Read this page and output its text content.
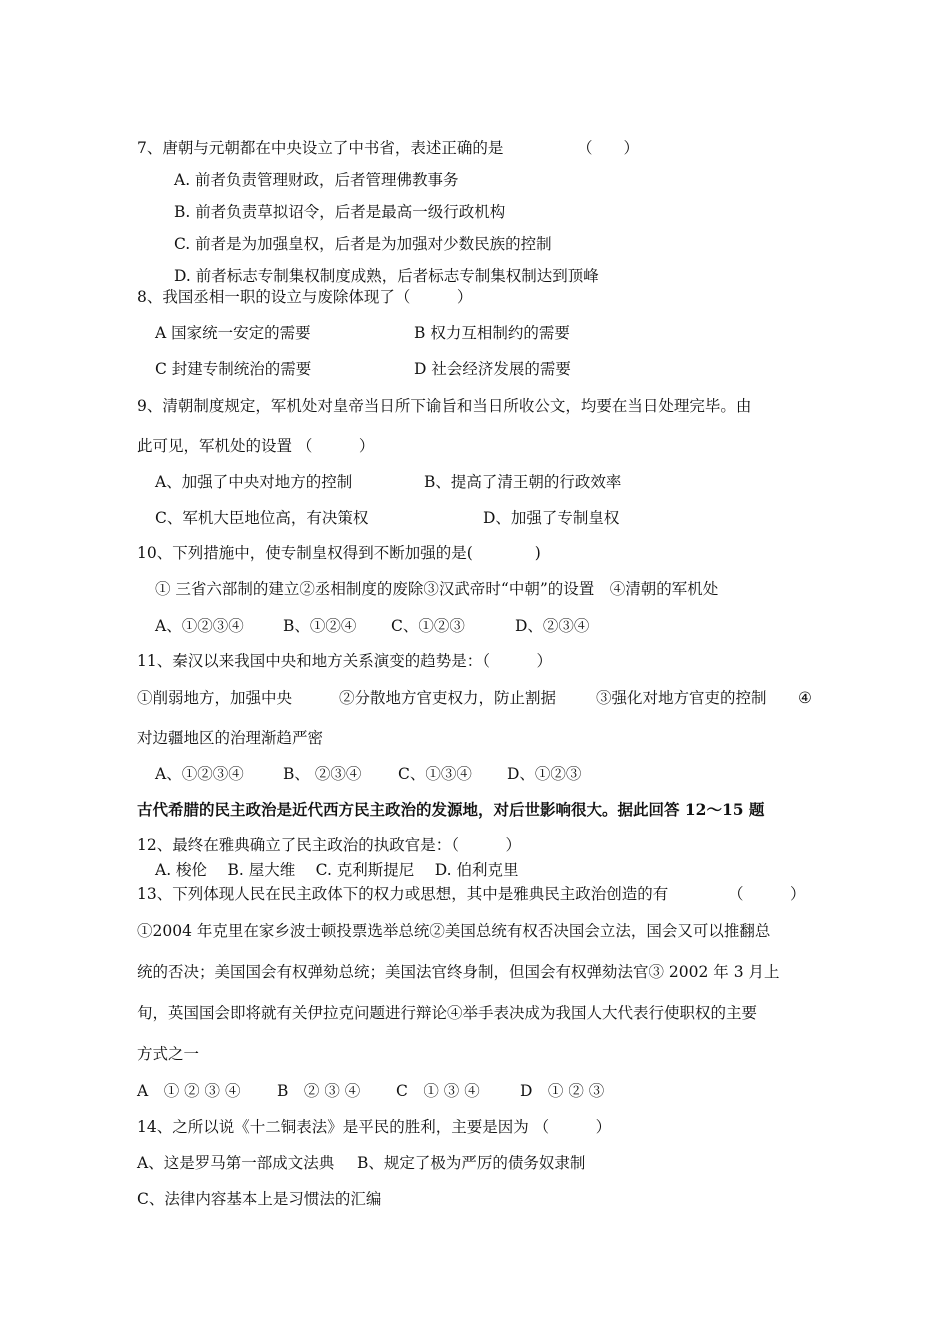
7、唐朝与元朝都在中央设立了中书省，表述正确的是	（　　）
A. 前者负责管理财政，后者管理佛教事务
B. 前者负责草拟诏令，后者是最高一级行政机构
C. 前者是为加强皇权，后者是为加强对少数民族的控制
D. 前者标志专制集权制度成熟，后者标志专制集权制达到顶峰
8、我国丞相一职的设立与废除体现了（　　　）
A 国家统一安定的需要	B 权力互相制约的需要
C 封建专制统治的需要	D 社会经济发展的需要
9、清朝制度规定，军机处对皇帝当日所下谕旨和当日所收公文，均要在当日处理完毕。由
此可见，军机处的设置 （　　　）
A、加强了中央对地方的控制	B、提高了清王朝的行政效率
C、军机大臣地位高，有决策权	D、加强了专制皇权
10、下列措施中，使专制皇权得到不断加强的是(　　　　)
① 三省六部制的建立②丞相制度的废除③汉武帝时“中朝”的设置　④清朝的军机处
A、①②③④	B、①②④ C、①②③	D、②③④
11、秦汉以来我国中央和地方关系演变的趋势是：（　　　）
①削弱地方，加强中央	②分散地方官吏权力，防止割据	③强化对地方官吏的控制 ④
对边疆地区的治理渐趋严密
A、①②③④	B、 ②③④ C、①③④ D、①②③
古代希腊的民主政治是近代西方民主政治的发源地，对后世影响很大。据此回答 12～15 题
12、最终在雅典确立了民主政治的执政官是：（　　　）
A. 梭伦　 B. 屋大维　 C. 克利斯提尼　 D. 伯利克里
13、下列体现人民在民主政体下的权力或思想，其中是雅典民主政治创造的有	（　　　）
①2004 年克里在家乡波士顿投票选举总统②美国总统有权否决国会立法，国会又可以推翻总
统的否决；美国国会有权弹劾总统；美国法官终身制，但国会有权弹劾法官③ 2002 年 3 月上
旬，英国国会即将就有关伊拉克问题进行辩论④举手表决成为我国人大代表行使职权的主要
方式之一
A　① ② ③ ④ B　② ③ ④ C　① ③ ④	D　① ② ③
14、之所以说《十二铜表法》是平民的胜利，主要是因为 （　　　）
A、这是罗马第一部成文法典 B、规定了极为严厉的债务奴隶制
C、法律内容基本上是习惯法的汇编
